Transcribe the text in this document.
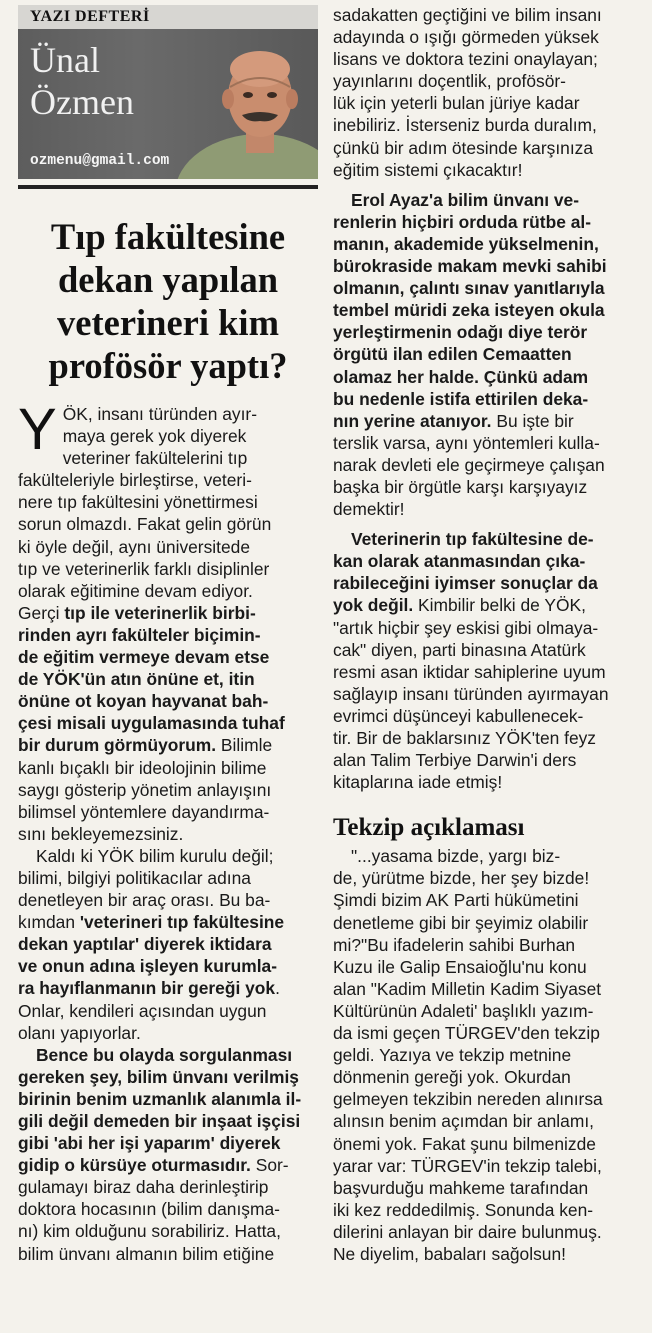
YAZI DEFTERİ
Ünal
Özmen
ozmenu@gmail.com
Tıp fakültesine dekan yapılan veterineri kim profösör yaptı?
Y ÖK, insanı türünden ayır-
maya gerek yok diyerek
veteriner fakültelerini tıp
fakülteleriyle birleştirse, veteri-
nere tıp fakültesini yönettirmesi
sorun olmazdı. Fakat gelin görün
ki öyle değil, aynı üniversitede
tıp ve veterinerlik farklı disiplinler
olarak eğitimine devam ediyor.
Gerçi tıp ile veterinerlik birbi-
rinden ayrı fakülteler biçimin-
de eğitim vermeye devam etse
de YÖK'ün atın önüne et, itin
önüne ot koyan hayvanat bah-
çesi misali uygulamasında tuhaf
bir durum görmüyorum. Bilimle
kanlı bıçaklı bir ideolojinin bilime
saygı gösterip yönetim anlayışını
bilimsel yöntemlere dayandırma-
sını bekleyemezsiniz.
Kaldı ki YÖK bilim kurulu değil;
bilimi, bilgiyi politikacılar adına
denetleyen bir araç orası. Bu ba-
kımdan 'veterineri tıp fakültesine
dekan yaptılar' diyerek iktidara
ve onun adına işleyen kurumla-
ra hayıflanmanın bir gereği yok.
Onlar, kendileri açısından uygun
olanı yapıyorlar.
Bence bu olayda sorgulanması
gereken şey, bilim ünvanı verilmiş
birinin benim uzmanlık alanımla il-
gili değil demeden bir inşaat işçisi
gibi 'abi her işi yaparım' diyerek
gidip o kürsüye oturmasıdır. Sor-
gulamayı biraz daha derinleştirip
doktora hocasının (bilim danışma-
nı) kim olduğunu sorabiliriz. Hatta,
bilim ünvanı almanın bilim etiğine
sadakatten geçtiğini ve bilim insanı
adayında o ışığı görmeden yüksek
lisans ve doktora tezini onaylayan;
yayınlarını doçentlik, profösör-
lük için yeterli bulan jüriye kadar
inebiliriz. İsterseniz burda duralım,
çünkü bir adım ötesinde karşınıza
eğitim sistemi çıkacaktır!
Erol Ayaz'a bilim ünvanı ve-
renlerin hiçbiri orduda rütbe al-
manın, akademide yükselmenin,
bürokraside makam mevki sahibi
olmanın, çalıntı sınav yanıtlarıyla
tembel müridi zeka isteyen okula
yerleştirmenin odağı diye terör
örgütü ilan edilen Cemaatten
olamaz her halde. Çünkü adam
bu nedenle istifa ettirilen deka-
nın yerine atanıyor. Bu işte bir
terslik varsa, aynı yöntemleri kulla-
narak devleti ele geçirmeye çalışan
başka bir örgütle karşı karşıyayız
demektir!
Veterinerin tıp fakültesine de-
kan olarak atanmasından çıka-
rabileceğini iyimser sonuçlar da
yok değil. Kimbilir belki de YÖK,
"artık hiçbir şey eskisi gibi olmaya-
cak" diyen, parti binasına Atatürk
resmi asan iktidar sahiplerine uyum
sağlayıp insanı türünden ayırmayan
evrimci düşünceyi kabullenecek-
tir. Bir de baklarsınız YÖK'ten feyz
alan Talim Terbiye Darwin'i ders
kitaplarına iade etmiş!
Tekzip açıklaması
"...yasama bizde, yargı biz-
de, yürütme bizde, her şey bizde!
Şimdi bizim AK Parti hükümetini
denetleme gibi bir şeyimiz olabilir
mi?"Bu ifadelerin sahibi Burhan
Kuzu ile Galip Ensaioğlu'nu konu
alan "Kadim Milletin Kadim Siyaset
Kültürünün Adaleti' başlıklı yazım-
da ismi geçen TÜRGEV'den tekzip
geldi. Yazıya ve tekzip metnine
dönmenin gereği yok. Okurdan
gelmeyen tekzibin nereden alınırsa
alınsın benim açımdan bir anlamı,
önemi yok. Fakat şunu bilmenizde
yarar var: TÜRGEV'in tekzip talebi,
başvurduğu mahkeme tarafından
iki kez reddedilmiş. Sonunda ken-
dilerini anlayan bir daire bulunmuş.
Ne diyelim, babaları sağolsun!
